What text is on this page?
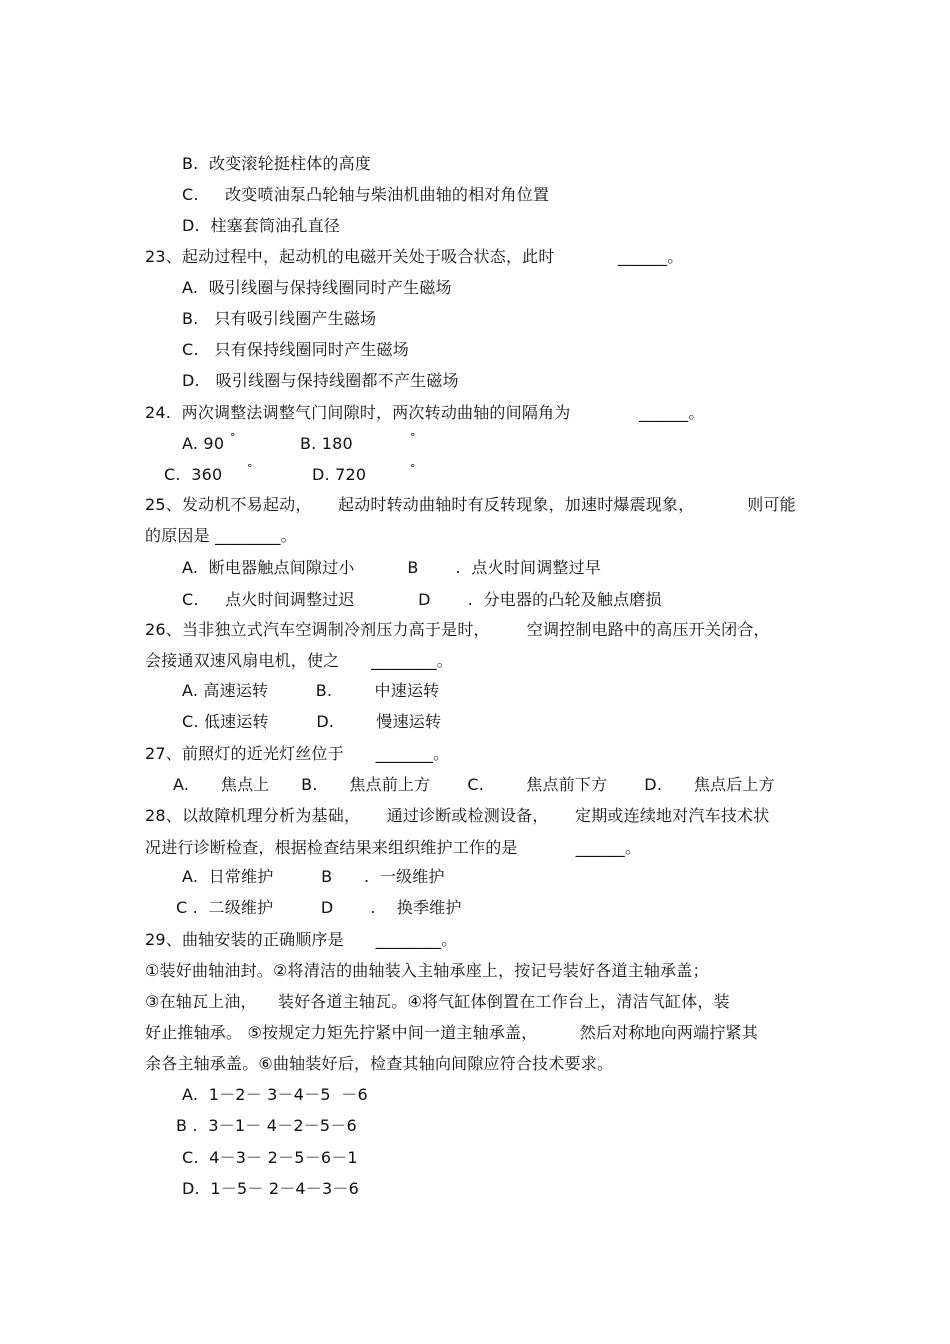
B.  改变滚轮挺柱体的高度
C.     改变喷油泵凸轮轴与柴油机曲轴的相对角位置
D.  柱塞套筒油孔直径
23、起动过程中，起动机的电磁开关处于吸合状态，此时            ______。
A.  吸引线圈与保持线圈同时产生磁场
B.   只有吸引线圈产生磁场
C.   只有保持线圈同时产生磁场
D.   吸引线圈与保持线圈都不产生磁场
24.  两次调整法调整气门间隙时，两次转动曲轴的间隔角为             ______。
A. 90 °	B. 180	°
C.  360 °	D. 720	°
25、发动机不易起动，     起动时转动曲轴时有反转现象，加速时爆震现象，          则可能
的原因是 ________。
A.  断电器触点间隙过小          B       .  点火时间调整过早
C.     点火时间调整过迟            D       .  分电器的凸轮及触点磨损
26、当非独立式汽车空调制冷剂压力高于是时，       空调控制电路中的高压开关闭合，
会接通双速风扇电机，使之      ________。
A. 高速运转         B.        中速运转
C. 低速运转         D.        慢速运转
27、前照灯的近光灯丝位于      _______。
A.      焦点上      B.      焦点前上方       C.        焦点前下方       D.      焦点后上方
28、以故障机理分析为基础，     通过诊断或检测设备，     定期或连续地对汽车技术状
况进行诊断检查，根据检查结果来组织维护工作的是           ______。
A.  日常维护         B      .  一级维护
C .  二级维护         D       .    换季维护
29、曲轴安装的正确顺序是      ________。
①装好曲轴油封。②将清洁的曲轴装入主轴承座上，按记号装好各道主轴承盖；
③在轴瓦上油，    装好各道主轴瓦。④将气缸体倒置在工作台上，清洁气缸体，装
好止推轴承。 ⑤按规定力矩先拧紧中间一道主轴承盖，        然后对称地向两端拧紧其
余各主轴承盖。⑥曲轴装好后，检查其轴向间隙应符合技术要求。
A.  1－2－ 3－4－5  －6
B .  3－1－ 4－2－5－6
C.  4－3－ 2－5－6－1
D.  1－5－ 2－4－3－6
